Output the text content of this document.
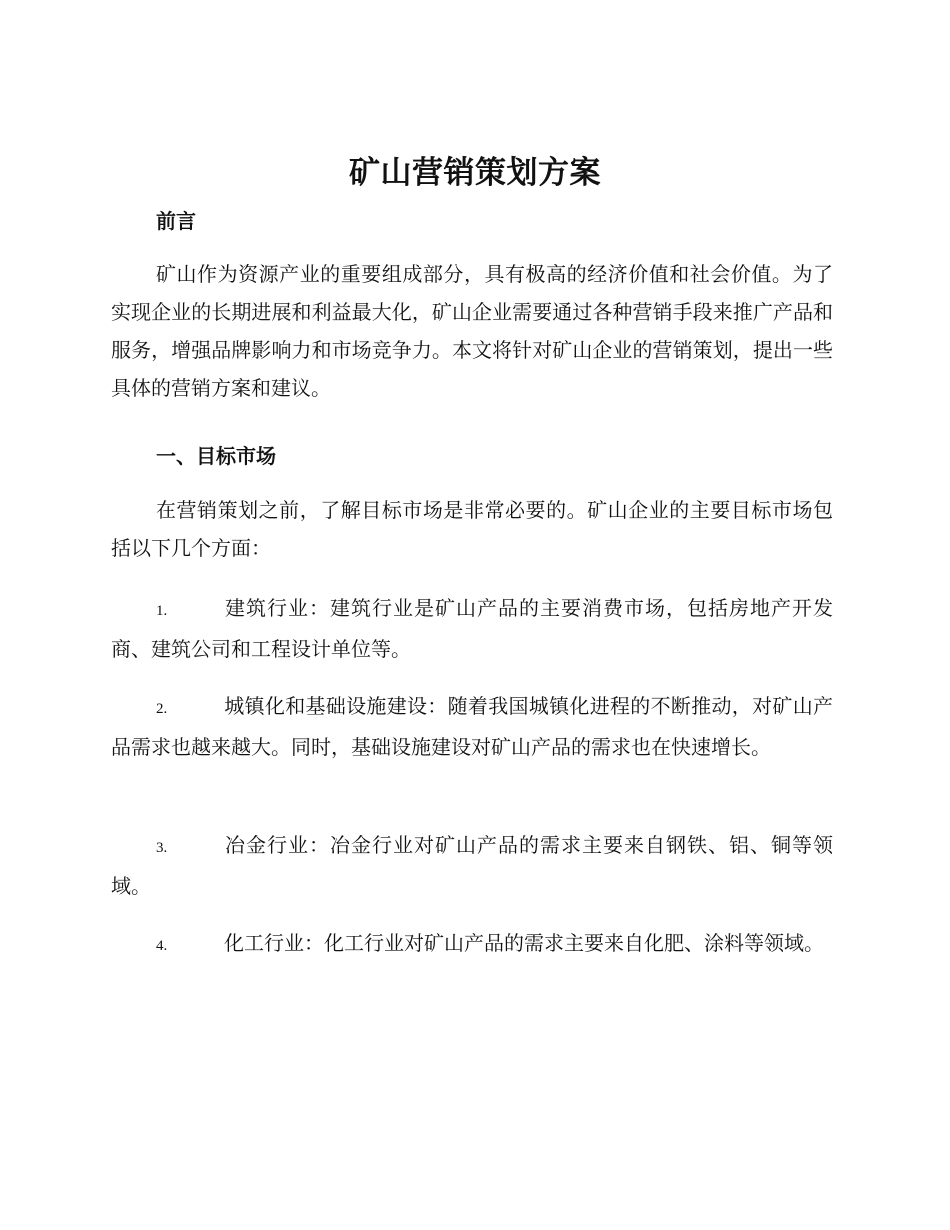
矿山营销策划方案
前言
矿山作为资源产业的重要组成部分，具有极高的经济价值和社会价值。为了实现企业的长期进展和利益最大化，矿山企业需要通过各种营销手段来推广产品和服务，增强品牌影响力和市场竞争力。本文将针对矿山企业的营销策划，提出一些具体的营销方案和建议。
一、目标市场
在营销策划之前，了解目标市场是非常必要的。矿山企业的主要目标市场包括以下几个方面：
1.	建筑行业：建筑行业是矿山产品的主要消费市场，包括房地产开发商、建筑公司和工程设计单位等。
2.	城镇化和基础设施建设：随着我国城镇化进程的不断推动，对矿山产品需求也越来越大。同时，基础设施建设对矿山产品的需求也在快速增长。
3.	冶金行业：冶金行业对矿山产品的需求主要来自钢铁、铝、铜等领域。
4.	化工行业：化工行业对矿山产品的需求主要来自化肥、涂料等领域。
